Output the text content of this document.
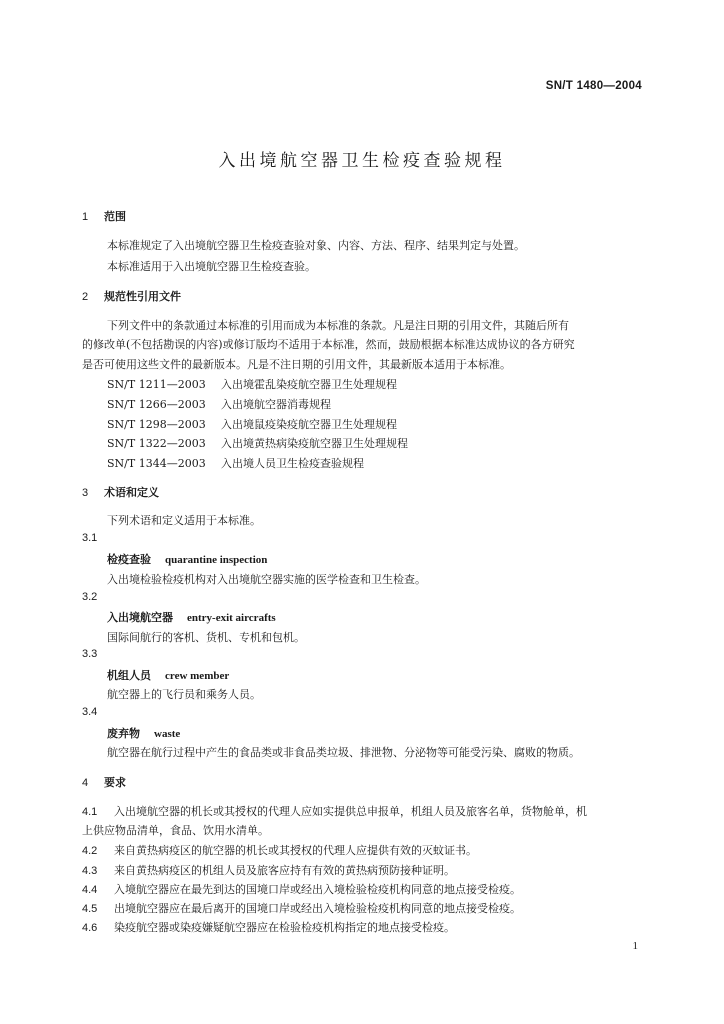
SN/T 1480—2004
入出境航空器卫生检疫查验规程
1 范围
本标准规定了入出境航空器卫生检疫查验对象、内容、方法、程序、结果判定与处置。
本标准适用于入出境航空器卫生检疫查验。
2 规范性引用文件
下列文件中的条款通过本标准的引用而成为本标准的条款。凡是注日期的引用文件，其随后所有
的修改单(不包括勘误的内容)或修订版均不适用于本标准，然而，鼓励根据本标准达成协议的各方研究
是否可使用这些文件的最新版本。凡是不注日期的引用文件，其最新版本适用于本标准。
SN/T 1211—2003 入出境霍乱染疫航空器卫生处理规程
SN/T 1266—2003 入出境航空器消毒规程
SN/T 1298—2003 入出境鼠疫染疫航空器卫生处理规程
SN/T 1322—2003 入出境黄热病染疫航空器卫生处理规程
SN/T 1344—2003 入出境人员卫生检疫查验规程
3 术语和定义
下列术语和定义适用于本标准。
3.1
检疫查验 quarantine inspection
入出境检验检疫机构对入出境航空器实施的医学检查和卫生检查。
3.2
入出境航空器 entry-exit aircrafts
国际间航行的客机、货机、专机和包机。
3.3
机组人员 crew member
航空器上的飞行员和乘务人员。
3.4
废弃物 waste
航空器在航行过程中产生的食品类或非食品类垃圾、排泄物、分泌物等可能受污染、腐败的物质。
4 要求
4.1 入出境航空器的机长或其授权的代理人应如实提供总申报单，机组人员及旅客名单，货物舱单，机
上供应物品清单，食品、饮用水清单。
4.2 来自黄热病疫区的航空器的机长或其授权的代理人应提供有效的灭蚊证书。
4.3 来自黄热病疫区的机组人员及旅客应持有有效的黄热病预防接种证明。
4.4 入境航空器应在最先到达的国境口岸或经出入境检验检疫机构同意的地点接受检疫。
4.5 出境航空器应在最后离开的国境口岸或经出入境检验检疫机构同意的地点接受检疫。
4.6 染疫航空器或染疫嫌疑航空器应在检验检疫机构指定的地点接受检疫。
1
